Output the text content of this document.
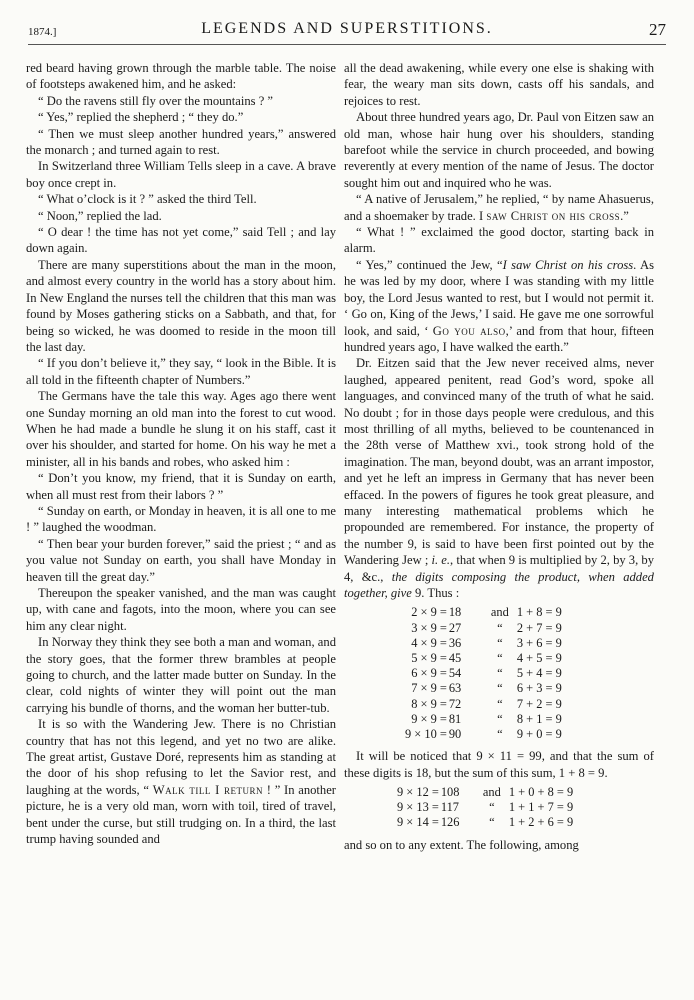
1874.]	LEGENDS AND SUPERSTITIONS.	27

red beard having grown through the marble table. The noise of footsteps awakened him, and he asked:

“ Do the ravens still fly over the mountains ? ”

“ Yes,” replied the shepherd ; “ they do.”

“ Then we must sleep another hundred years,” answered the monarch ; and turned again to rest.

In Switzerland three William Tells sleep in a cave. A brave boy once crept in.

“ What o’clock is it ? ” asked the third Tell.

“ Noon,” replied the lad.

“ O dear ! the time has not yet come,” said Tell ; and lay down again.

There are many superstitions about the man in the moon, and almost every country in the world has a story about him. In New England the nurses tell the children that this man was found by Moses gathering sticks on a Sabbath, and that, for being so wicked, he was doomed to reside in the moon till the last day.

“ If you don’t believe it,” they say, “ look in the Bible. It is all told in the fifteenth chapter of Numbers.”

The Germans have the tale this way. Ages ago there went one Sunday morning an old man into the forest to cut wood. When he had made a bundle he slung it on his staff, cast it over his shoulder, and started for home. On his way he met a minister, all in his bands and robes, who asked him :

“ Don’t you know, my friend, that it is Sunday on earth, when all must rest from their labors ? ”

“ Sunday on earth, or Monday in heaven, it is all one to me ! ” laughed the woodman.

“ Then bear your burden forever,” said the priest ; “ and as you value not Sunday on earth, you shall have Monday in heaven till the great day.”

Thereupon the speaker vanished, and the man was caught up, with cane and fagots, into the moon, where you can see him any clear night.

In Norway they think they see both a man and woman, and the story goes, that the former threw brambles at people going to church, and the latter made butter on Sunday. In the clear, cold nights of winter they will point out the man carrying his bundle of thorns, and the woman her butter-tub.

It is so with the Wandering Jew. There is no Christian country that has not this legend, and yet no two are alike. The great artist, Gustave Doré, represents him as standing at the door of his shop refusing to let the Savior rest, and laughing at the words, “ Walk till I return ! ” In another picture, he is a very old man, worn with toil, tired of travel, bent under the curse, but still trudging on. In a third, the last trump having sounded and

all the dead awakening, while every one else is shaking with fear, the weary man sits down, casts off his sandals, and rejoices to rest.

About three hundred years ago, Dr. Paul von Eitzen saw an old man, whose hair hung over his shoulders, standing barefoot while the service in church proceeded, and bowing reverently at every mention of the name of Jesus. The doctor sought him out and inquired who he was.

“ A native of Jerusalem,” he replied, “ by name Ahasuerus, and a shoemaker by trade. I saw Christ on his cross.”

“ What ! ” exclaimed the good doctor, starting back in alarm.

“ Yes,” continued the Jew, “I saw Christ on his cross. As he was led by my door, where I was standing with my little boy, the Lord Jesus wanted to rest, but I would not permit it. ‘ Go on, King of the Jews,’ I said. He gave me one sorrowful look, and said, ‘ Go you also,’ and from that hour, fifteen hundred years ago, I have walked the earth.”

Dr. Eitzen said that the Jew never received alms, never laughed, appeared penitent, read God’s word, spoke all languages, and convinced many of the truth of what he said. No doubt ; for in those days people were credulous, and this most thrilling of all myths, believed to be countenanced in the 28th verse of Matthew xvi., took strong hold of the imagination. The man, beyond doubt, was an arrant impostor, and yet he left an impress in Germany that has never been effaced. In the powers of figures he took great pleasure, and many interesting mathematical problems which he propounded are remembered. For instance, the property of the number 9, is said to have been first pointed out by the Wandering Jew ; i. e., that when 9 is multiplied by 2, by 3, by 4, &c., the digits composing the product, when added together, give 9. Thus :

2 × 9 =	18	and	1 + 8 = 9
3 × 9 =	27	“	2 + 7 = 9
4 × 9 =	36	“	3 + 6 = 9
5 × 9 =	45	“	4 + 5 = 9
6 × 9 =	54	“	5 + 4 = 9
7 × 9 =	63	“	6 + 3 = 9
8 × 9 =	72	“	7 + 2 = 9
9 × 9 =	81	“	8 + 1 = 9
9 × 10 =	90	“	9 + 0 = 9

It will be noticed that 9 × 11 = 99, and that the sum of these digits is 18, but the sum of this sum, 1 + 8 = 9.

9 × 12 =	108	and	1 + 0 + 8 = 9
9 × 13 =	117	“	1 + 1 + 7 = 9
9 × 14 =	126	“	1 + 2 + 6 = 9

and so on to any extent. The following, among
